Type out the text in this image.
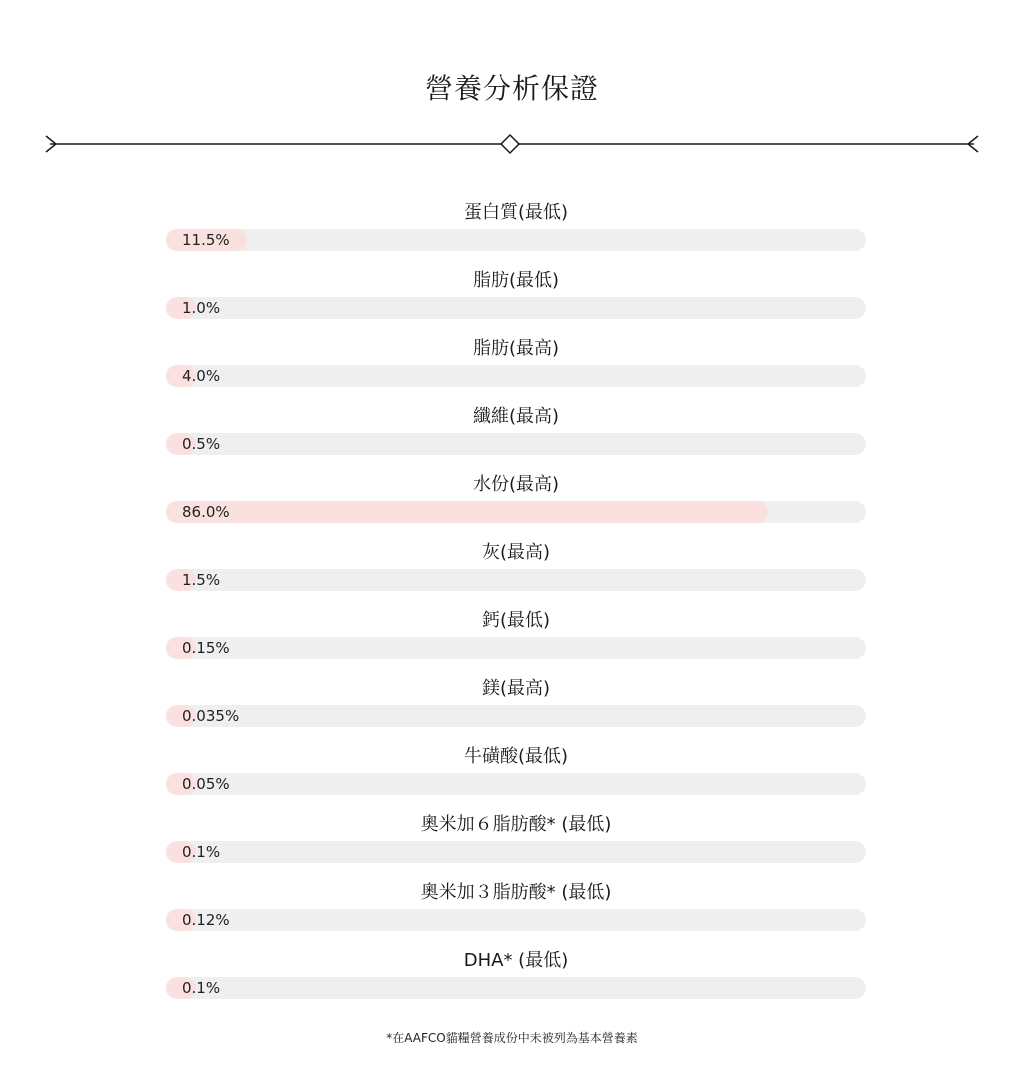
營養分析保證
蛋白質(最低)
11.5%
脂肪(最低)
1.0%
脂肪(最高)
4.0%
纖維(最高)
0.5%
水份(最高)
86.0%
灰(最高)
1.5%
鈣(最低)
0.15%
鎂(最高)
0.035%
牛磺酸(最低)
0.05%
奧米加６脂肪酸* (最低)
0.1%
奧米加３脂肪酸* (最低)
0.12%
DHA* (最低)
0.1%
*在AAFCO貓糧營養成份中未被列為基本營養素
